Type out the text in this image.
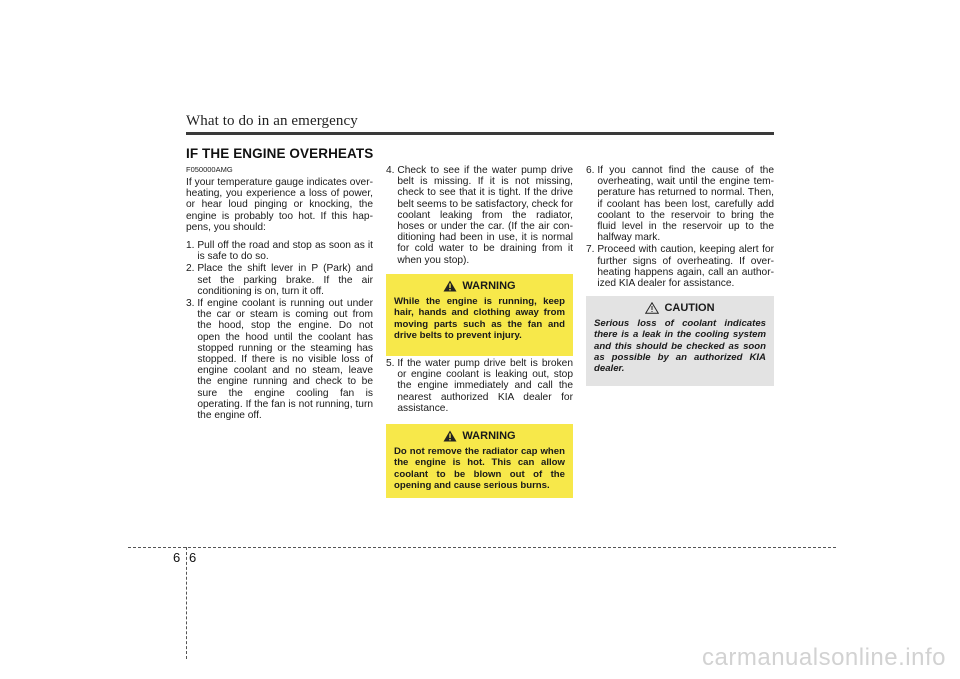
What to do in an emergency
IF THE ENGINE OVERHEATS
F050000AMG

If your temperature gauge indicates over-heating, you experience a loss of power, or hear loud pinging or knocking, the engine is probably too hot. If this hap-pens, you should:

1.
Pull off the road and stop as soon as it is safe to do so.
2.
Place the shift lever in P (Park) and set the parking brake. If the air conditioning is on, turn it off.
3.
If engine coolant is running out under the car or steam is coming out from the hood, stop the engine. Do not open the hood until the coolant has stopped running or the steaming has stopped. If there is no visible loss of engine coolant and no steam, leave the engine running and check to be sure the engine cooling fan is operating. If the fan is not running, turn the engine off.
4.
Check to see if the water pump drive belt is missing. If it is not missing, check to see that it is tight. If the drive belt seems to be satisfactory, check for coolant leaking from the radiator, hoses or under the car. (If the air con-ditioning had been in use, it is normal for cold water to be draining from it when you stop).
WARNING
While the engine is running, keep hair, hands and clothing away from moving parts such as the fan and drive belts to prevent injury.
5.
If the water pump drive belt is broken or engine coolant is leaking out, stop the engine immediately and call the nearest authorized KIA dealer for assistance.
WARNING
Do not remove the radiator cap when the engine is hot. This can allow coolant to be blown out of the opening and cause serious burns.
6.
If you cannot find the cause of the overheating, wait until the engine tem-perature has returned to normal. Then, if coolant has been lost, carefully add coolant to the reservoir to bring the fluid level in the reservoir up to the halfway mark.
7.
Proceed with caution, keeping alert for further signs of overheating. If over-heating happens again, call an author-ized KIA dealer for assistance.
CAUTION
Serious loss of coolant indicates there is a leak in the cooling system and this should be checked as soon as possible by an authorized KIA dealer.
6 6
carmanualsonline.info
